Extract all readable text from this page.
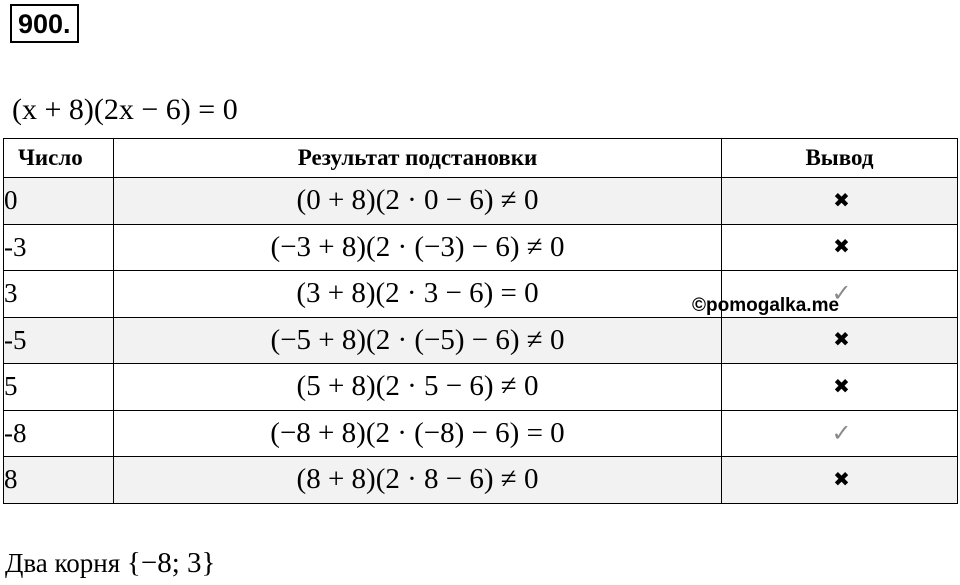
900.
(x + 8)(2x − 6) = 0
Число	Результат подстановки	Вывод
0	(0 + 8)(2 · 0 − 6) ≠ 0	✖
-3	(−3 + 8)(2 · (−3) − 6) ≠ 0	✖
3	(3 + 8)(2 · 3 − 6) = 0	✓
-5	(−5 + 8)(2 · (−5) − 6) ≠ 0	✖
5	(5 + 8)(2 · 5 − 6) ≠ 0	✖
-8	(−8 + 8)(2 · (−8) − 6) = 0	✓
8	(8 + 8)(2 · 8 − 6) ≠ 0	✖
©pomogalka.me
Два корня {−8; 3}
